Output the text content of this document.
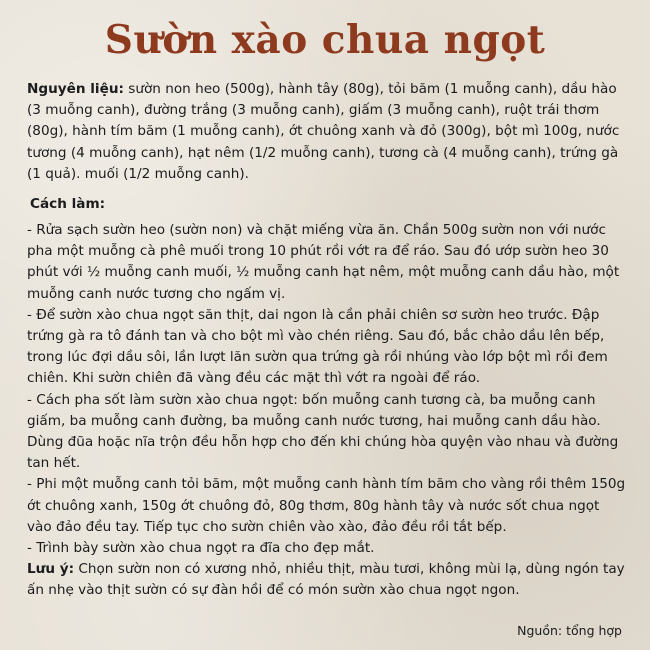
Sườn xào chua ngọt

Nguyên liệu: sườn non heo (500g), hành tây (80g), tỏi băm (1 muỗng canh), dầu hào (3 muỗng canh), đường trắng (3 muỗng canh), giấm (3 muỗng canh), ruột trái thơm (80g), hành tím băm (1 muỗng canh), ớt chuông xanh và đỏ (300g), bột mì 100g, nước tương (4 muỗng canh), hạt nêm (1/2 muỗng canh), tương cà (4 muỗng canh), trứng gà (1 quả). muối (1/2 muỗng canh).

Cách làm:

- Rửa sạch sườn heo (sườn non) và chặt miếng vừa ăn. Chần 500g sườn non với nước pha một muỗng cà phê muối trong 10 phút rồi vớt ra để ráo. Sau đó ướp sườn heo 30 phút với ½ muỗng canh muối, ½ muỗng canh hạt nêm, một muỗng canh dầu hào, một muỗng canh nước tương cho ngấm vị.

- Để sườn xào chua ngọt săn thịt, dai ngon là cần phải chiên sơ sườn heo trước. Đập trứng gà ra tô đánh tan và cho bột mì vào chén riêng. Sau đó, bắc chảo dầu lên bếp, trong lúc đợi dầu sôi, lần lượt lăn sườn qua trứng gà rồi nhúng vào lớp bột mì rồi đem chiên. Khi sườn chiên đã vàng đều các mặt thì vớt ra ngoài để ráo.

- Cách pha sốt làm sườn xào chua ngọt: bốn muỗng canh tương cà, ba muỗng canh giấm, ba muỗng canh đường, ba muỗng canh nước tương, hai muỗng canh dầu hào. Dùng đũa hoặc nĩa trộn đều hỗn hợp cho đến khi chúng hòa quyện vào nhau và đường tan hết.

- Phi một muỗng canh tỏi băm, một muỗng canh hành tím băm cho vàng rồi thêm 150g ớt chuông xanh, 150g ớt chuông đỏ, 80g thơm, 80g hành tây và nước sốt chua ngọt vào đảo đều tay. Tiếp tục cho sườn chiên vào xào, đảo đều rồi tắt bếp.

- Trình bày sườn xào chua ngọt ra đĩa cho đẹp mắt.

Lưu ý: Chọn sườn non có xương nhỏ, nhiều thịt, màu tươi, không mùi lạ, dùng ngón tay ấn nhẹ vào thịt sườn có sự đàn hồi để có món sườn xào chua ngọt ngon.

Nguồn: tổng hợp
